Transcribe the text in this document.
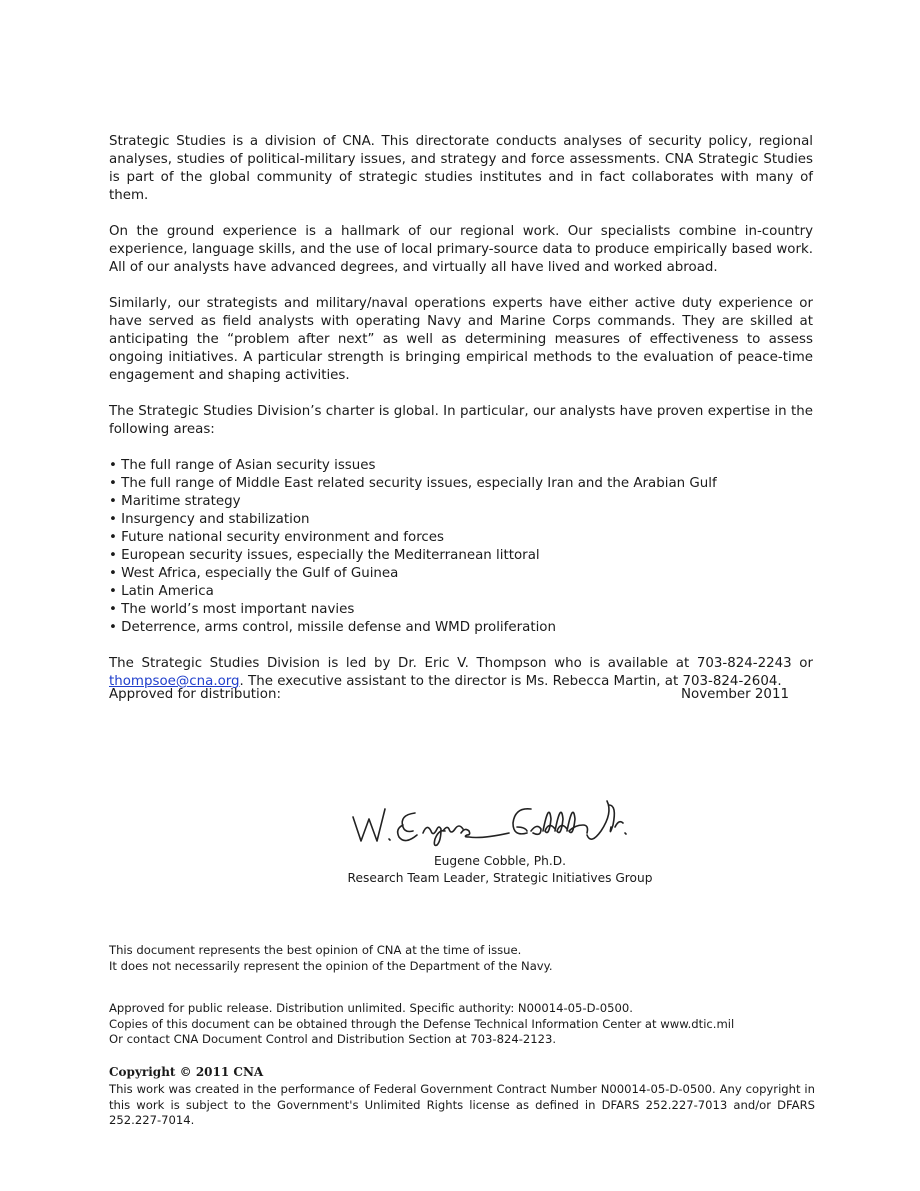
Strategic Studies is a division of CNA. This directorate conducts analyses of security policy, regional analyses, studies of political-military issues, and strategy and force assessments. CNA Strategic Studies is part of the global community of strategic studies institutes and in fact collaborates with many of them.

On the ground experience is a hallmark of our regional work. Our specialists combine in-country experience, language skills, and the use of local primary-source data to produce empirically based work. All of our analysts have advanced degrees, and virtually all have lived and worked abroad.

Similarly, our strategists and military/naval operations experts have either active duty experience or have served as field analysts with operating Navy and Marine Corps commands. They are skilled at anticipating the “problem after next” as well as determining measures of effectiveness to assess ongoing initiatives. A particular strength is bringing empirical methods to the evaluation of peace-time engagement and shaping activities.

The Strategic Studies Division’s charter is global. In particular, our analysts have proven expertise in the following areas:

• The full range of Asian security issues
• The full range of Middle East related security issues, especially Iran and the Arabian Gulf
• Maritime strategy
• Insurgency and stabilization
• Future national security environment and forces
• European security issues, especially the Mediterranean littoral
• West Africa, especially the Gulf of Guinea
• Latin America
• The world’s most important navies
• Deterrence, arms control, missile defense and WMD proliferation

The Strategic Studies Division is led by Dr. Eric V. Thompson who is available at 703-824-2243 or thompsoe@cna.org. The executive assistant to the director is Ms. Rebecca Martin, at 703-824-2604.

Approved for distribution:	November 2011
Eugene Cobble, Ph.D.
Research Team Leader, Strategic Initiatives Group
This document represents the best opinion of CNA at the time of issue.
It does not necessarily represent the opinion of the Department of the Navy.
Approved for public release. Distribution unlimited. Specific authority: N00014-05-D-0500.
Copies of this document can be obtained through the Defense Technical Information Center at www.dtic.mil
Or contact CNA Document Control and Distribution Section at 703-824-2123.
Copyright © 2011 CNA
This work was created in the performance of Federal Government Contract Number N00014-05-D-0500. Any copyright in this work is subject to the Government's Unlimited Rights license as defined in DFARS 252.227-7013 and/or DFARS 252.227-7014.
